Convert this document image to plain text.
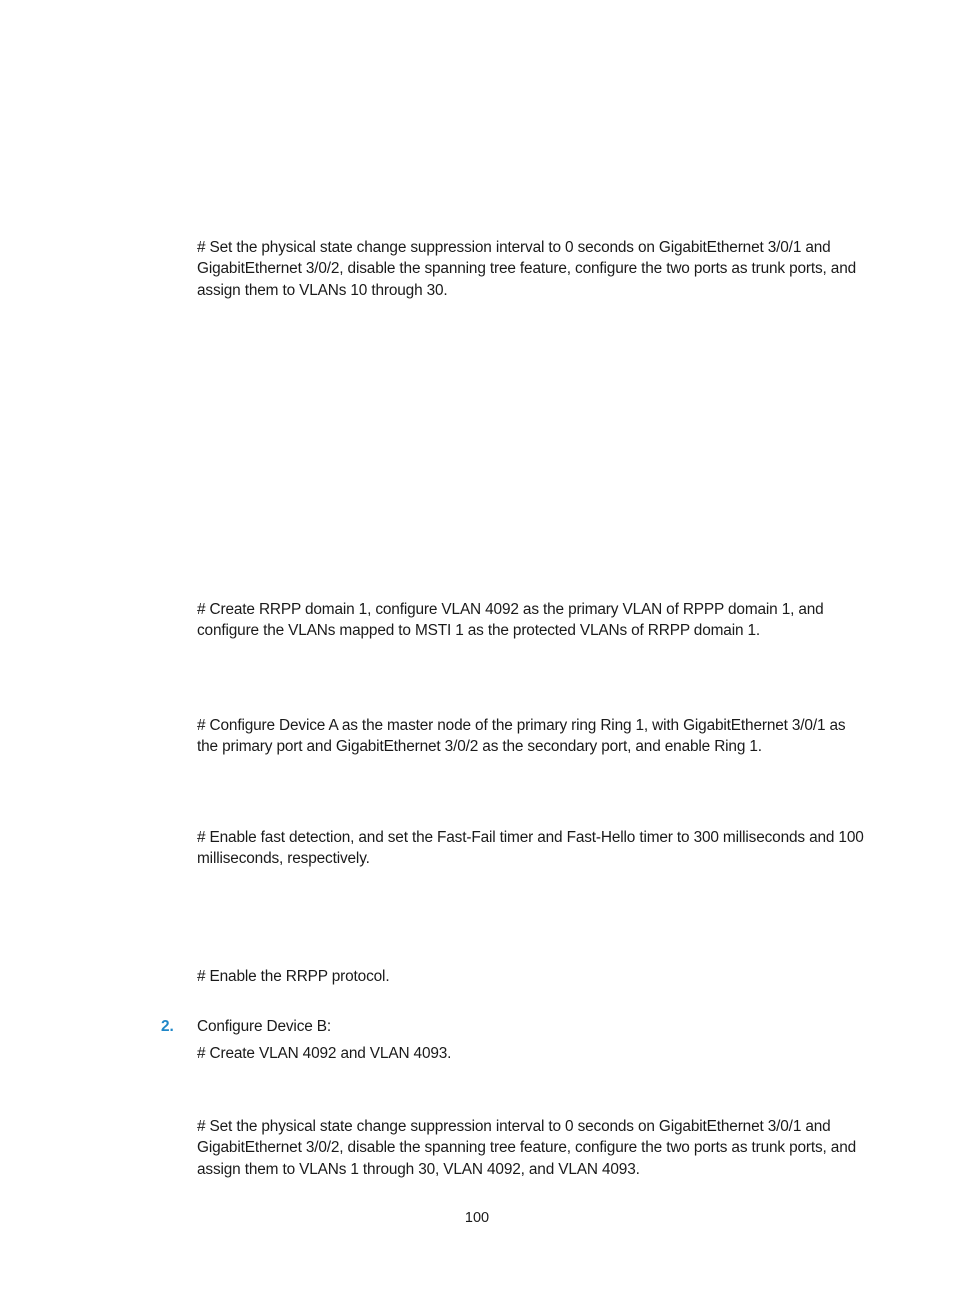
# Set the physical state change suppression interval to 0 seconds on GigabitEthernet 3/0/1 and GigabitEthernet 3/0/2, disable the spanning tree feature, configure the two ports as trunk ports, and assign them to VLANs 10 through 30.

# Create RRPP domain 1, configure VLAN 4092 as the primary VLAN of RPPP domain 1, and configure the VLANs mapped to MSTI 1 as the protected VLANs of RRPP domain 1.

# Configure Device A as the master node of the primary ring Ring 1, with GigabitEthernet 3/0/1 as the primary port and GigabitEthernet 3/0/2 as the secondary port, and enable Ring 1.

# Enable fast detection, and set the Fast-Fail timer and Fast-Hello timer to 300 milliseconds and 100 milliseconds, respectively.

# Enable the RRPP protocol.

2. Configure Device B:

# Create VLAN 4092 and VLAN 4093.

# Set the physical state change suppression interval to 0 seconds on GigabitEthernet 3/0/1 and GigabitEthernet 3/0/2, disable the spanning tree feature, configure the two ports as trunk ports, and assign them to VLANs 1 through 30, VLAN 4092, and VLAN 4093.

100
